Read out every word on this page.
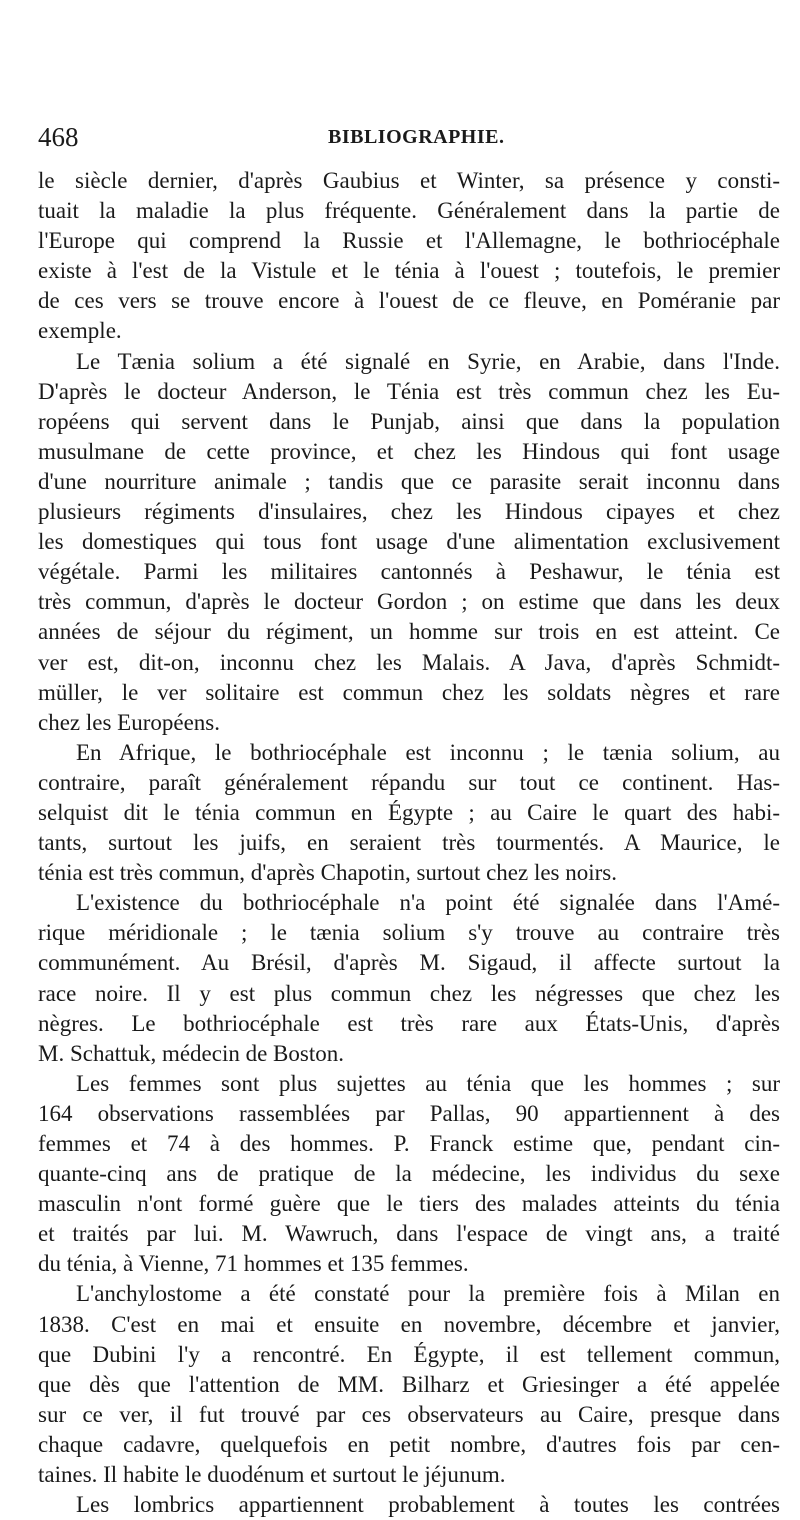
468	BIBLIOGRAPHIE.
le siècle dernier, d'après Gaubius et Winter, sa présence y consti-
tuait la maladie la plus fréquente. Généralement dans la partie de
l'Europe qui comprend la Russie et l'Allemagne, le bothriocéphale
existe à l'est de la Vistule et le ténia à l'ouest ; toutefois, le premier
de ces vers se trouve encore à l'ouest de ce fleuve, en Poméranie par
exemple.
Le Tænia solium a été signalé en Syrie, en Arabie, dans l'Inde.
D'après le docteur Anderson, le Ténia est très commun chez les Eu-
ropéens qui servent dans le Punjab, ainsi que dans la population
musulmane de cette province, et chez les Hindous qui font usage
d'une nourriture animale ; tandis que ce parasite serait inconnu dans
plusieurs régiments d'insulaires, chez les Hindous cipayes et chez
les domestiques qui tous font usage d'une alimentation exclusivement
végétale. Parmi les militaires cantonnés à Peshawur, le ténia est
très commun, d'après le docteur Gordon ; on estime que dans les deux
années de séjour du régiment, un homme sur trois en est atteint. Ce
ver est, dit-on, inconnu chez les Malais. A Java, d'après Schmidt-
müller, le ver solitaire est commun chez les soldats nègres et rare
chez les Européens.
En Afrique, le bothriocéphale est inconnu ; le tænia solium, au
contraire, paraît généralement répandu sur tout ce continent. Has-
selquist dit le ténia commun en Égypte ; au Caire le quart des habi-
tants, surtout les juifs, en seraient très tourmentés. A Maurice, le
ténia est très commun, d'après Chapotin, surtout chez les noirs.
L'existence du bothriocéphale n'a point été signalée dans l'Amé-
rique méridionale ; le tænia solium s'y trouve au contraire très
communément. Au Brésil, d'après M. Sigaud, il affecte surtout la
race noire. Il y est plus commun chez les négresses que chez les
nègres. Le bothriocéphale est très rare aux États-Unis, d'après
M. Schattuk, médecin de Boston.
Les femmes sont plus sujettes au ténia que les hommes ; sur
164 observations rassemblées par Pallas, 90 appartiennent à des
femmes et 74 à des hommes. P. Franck estime que, pendant cin-
quante-cinq ans de pratique de la médecine, les individus du sexe
masculin n'ont formé guère que le tiers des malades atteints du ténia
et traités par lui. M. Wawruch, dans l'espace de vingt ans, a traité
du ténia, à Vienne, 71 hommes et 135 femmes.
L'anchylostome a été constaté pour la première fois à Milan en
1838. C'est en mai et ensuite en novembre, décembre et janvier,
que Dubini l'y a rencontré. En Égypte, il est tellement commun,
que dès que l'attention de MM. Bilharz et Griesinger a été appelée
sur ce ver, il fut trouvé par ces observateurs au Caire, presque dans
chaque cadavre, quelquefois en petit nombre, d'autres fois par cen-
taines. Il habite le duodénum et surtout le jéjunum.
Les lombrics appartiennent probablement à toutes les contrées
